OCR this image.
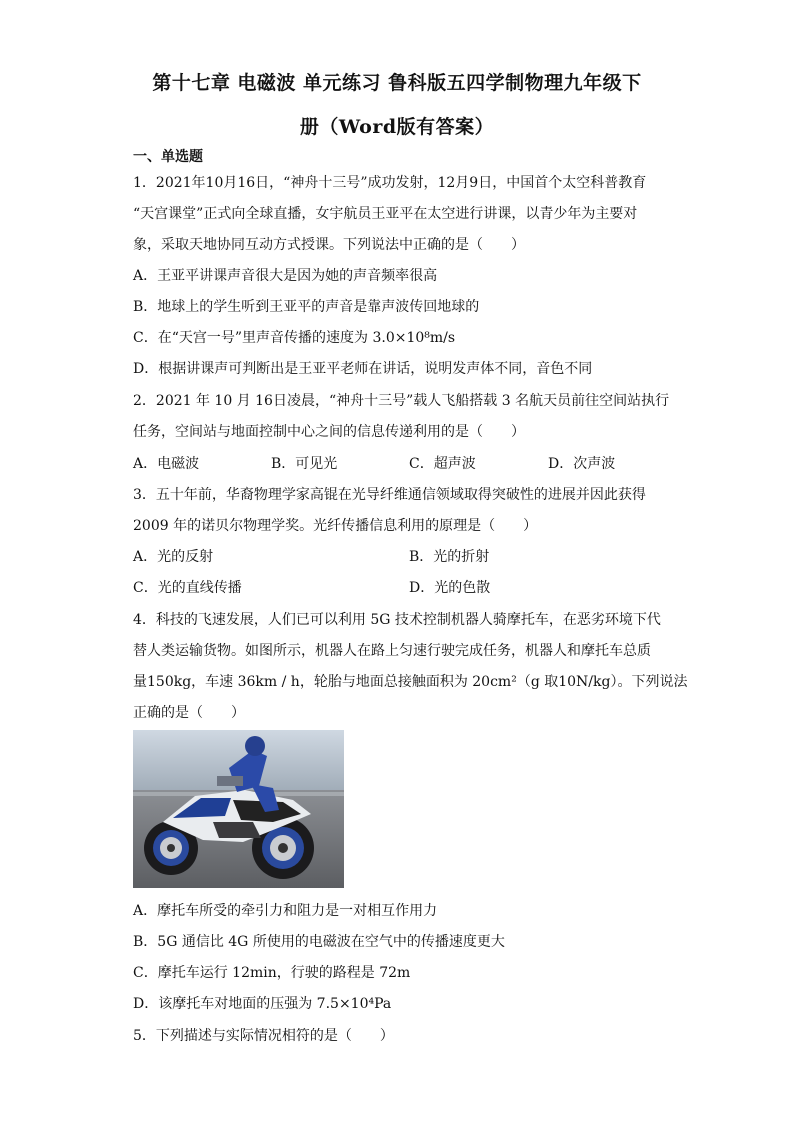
第十七章 电磁波 单元练习 鲁科版五四学制物理九年级下
册（Word版有答案）
一、单选题
1．2021年10月16日，“神舟十三号”成功发射，12月9日，中国首个太空科普教育
“天宫课堂”正式向全球直播，女宇航员王亚平在太空进行讲课，以青少年为主要对
象，采取天地协同互动方式授课。下列说法中正确的是（　　）
A．王亚平讲课声音很大是因为她的声音频率很高
B．地球上的学生听到王亚平的声音是靠声波传回地球的
C．在“天宫一号”里声音传播的速度为 3.0×10⁸m/s
D．根据讲课声可判断出是王亚平老师在讲话，说明发声体不同，音色不同
2．2021 年 10 月 16日凌晨，“神舟十三号”载人飞船搭载 3 名航天员前往空间站执行
任务，空间站与地面控制中心之间的信息传递利用的是（　　）
A．电磁波	B．可见光	C．超声波	D．次声波
3．五十年前，华裔物理学家高锟在光导纤维通信领域取得突破性的进展并因此获得
2009 年的诺贝尔物理学奖。光纤传播信息利用的原理是（　　）
A．光的反射	B．光的折射
C．光的直线传播	D．光的色散
4．科技的飞速发展，人们已可以利用 5G 技术控制机器人骑摩托车，在恶劣环境下代
替人类运输货物。如图所示，机器人在路上匀速行驶完成任务，机器人和摩托车总质
量150kg，车速 36km / h，轮胎与地面总接触面积为 20cm²（g 取10N/kg）。下列说法
正确的是（　　）
A．摩托车所受的牵引力和阻力是一对相互作用力
B．5G 通信比 4G 所使用的电磁波在空气中的传播速度更大
C．摩托车运行 12min，行驶的路程是 72m
D．该摩托车对地面的压强为 7.5×10⁴Pa
5．下列描述与实际情况相符的是（　　）
